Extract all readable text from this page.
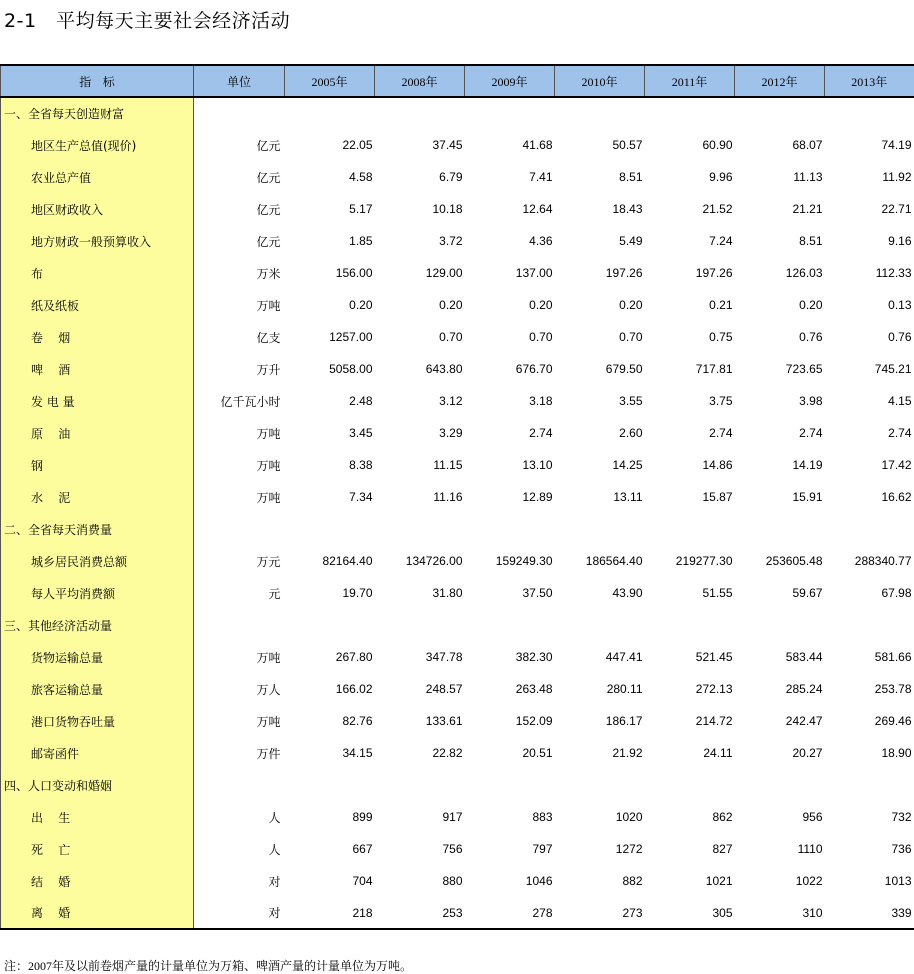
2-1   平均每天主要社会经济活动
指   标	单位	2005年	2008年	2009年	2010年	2011年	2012年	2013年
一、全省每天创造财富								
地区生产总值(现价)	亿元	22.05	37.45	41.68	50.57	60.90	68.07	74.19
农业总产值	亿元	4.58	6.79	7.41	8.51	9.96	11.13	11.92
地区财政收入	亿元	5.17	10.18	12.64	18.43	21.52	21.21	22.71
地方财政一般预算收入	亿元	1.85	3.72	4.36	5.49	7.24	8.51	9.16
布	万米	156.00	129.00	137.00	197.26	197.26	126.03	112.33
纸及纸板	万吨	0.20	0.20	0.20	0.20	0.21	0.20	0.13
卷    烟	亿支	1257.00	0.70	0.70	0.70	0.75	0.76	0.76
啤    酒	万升	5058.00	643.80	676.70	679.50	717.81	723.65	745.21
发 电 量	亿千瓦小时	2.48	3.12	3.18	3.55	3.75	3.98	4.15
原    油	万吨	3.45	3.29	2.74	2.60	2.74	2.74	2.74
钢	万吨	8.38	11.15	13.10	14.25	14.86	14.19	17.42
水    泥	万吨	7.34	11.16	12.89	13.11	15.87	15.91	16.62
二、全省每天消费量								
城乡居民消费总额	万元	82164.40	134726.00	159249.30	186564.40	219277.30	253605.48	288340.77
每人平均消费额	元	19.70	31.80	37.50	43.90	51.55	59.67	67.98
三、其他经济活动量								
货物运输总量	万吨	267.80	347.78	382.30	447.41	521.45	583.44	581.66
旅客运输总量	万人	166.02	248.57	263.48	280.11	272.13	285.24	253.78
港口货物吞吐量	万吨	82.76	133.61	152.09	186.17	214.72	242.47	269.46
邮寄函件	万件	34.15	22.82	20.51	21.92	24.11	20.27	18.90
四、人口变动和婚姻								
出    生	人	899	917	883	1020	862	956	732
死    亡	人	667	756	797	1272	827	1110	736
结    婚	对	704	880	1046	882	1021	1022	1013
离    婚	对	218	253	278	273	305	310	339
注：2007年及以前卷烟产量的计量单位为万箱、啤酒产量的计量单位为万吨。
